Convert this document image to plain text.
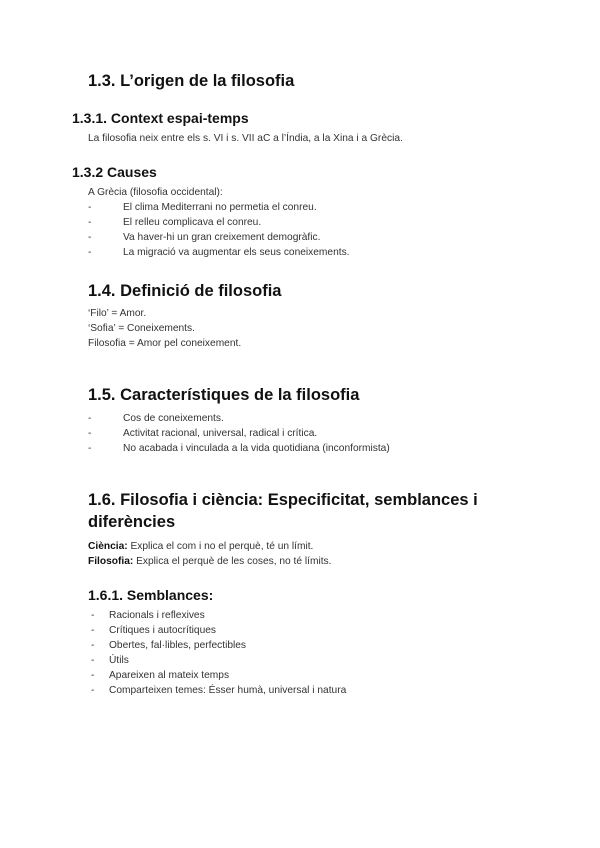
1.3. L’origen de la filosofia
1.3.1. Context espai-temps
La filosofia neix entre els s. VI i s. VII aC a l’Índia, a la Xina i a Grècia.
1.3.2 Causes
A Grècia (filosofia occidental):
-	El clima Mediterrani no permetia el conreu.
-	El relleu complicava el conreu.
-	Va haver-hi un gran creixement demogràfic.
-	La migració va augmentar els seus coneixements.
1.4. Definició de filosofia
‘Filo’ = Amor.
‘Sofia’ = Coneixements.
Filosofia = Amor pel coneixement.
1.5. Característiques de la filosofia
-	Cos de coneixements.
-	Activitat racional, universal, radical i crítica.
-	No acabada i vinculada a la vida quotidiana (inconformista)
1.6. Filosofia i ciència: Especificitat, semblances i
diferències
Ciència: Explica el com i no el perquè, té un límit.
Filosofia: Explica el perquè de les coses, no té límits.
1.6.1. Semblances:
- Racionals i reflexives
- Crítiques i autocrítiques
- Obertes, fal·libles, perfectibles
- Útils
- Apareixen al mateix temps
- Comparteixen temes: Ésser humà, universal i natura
